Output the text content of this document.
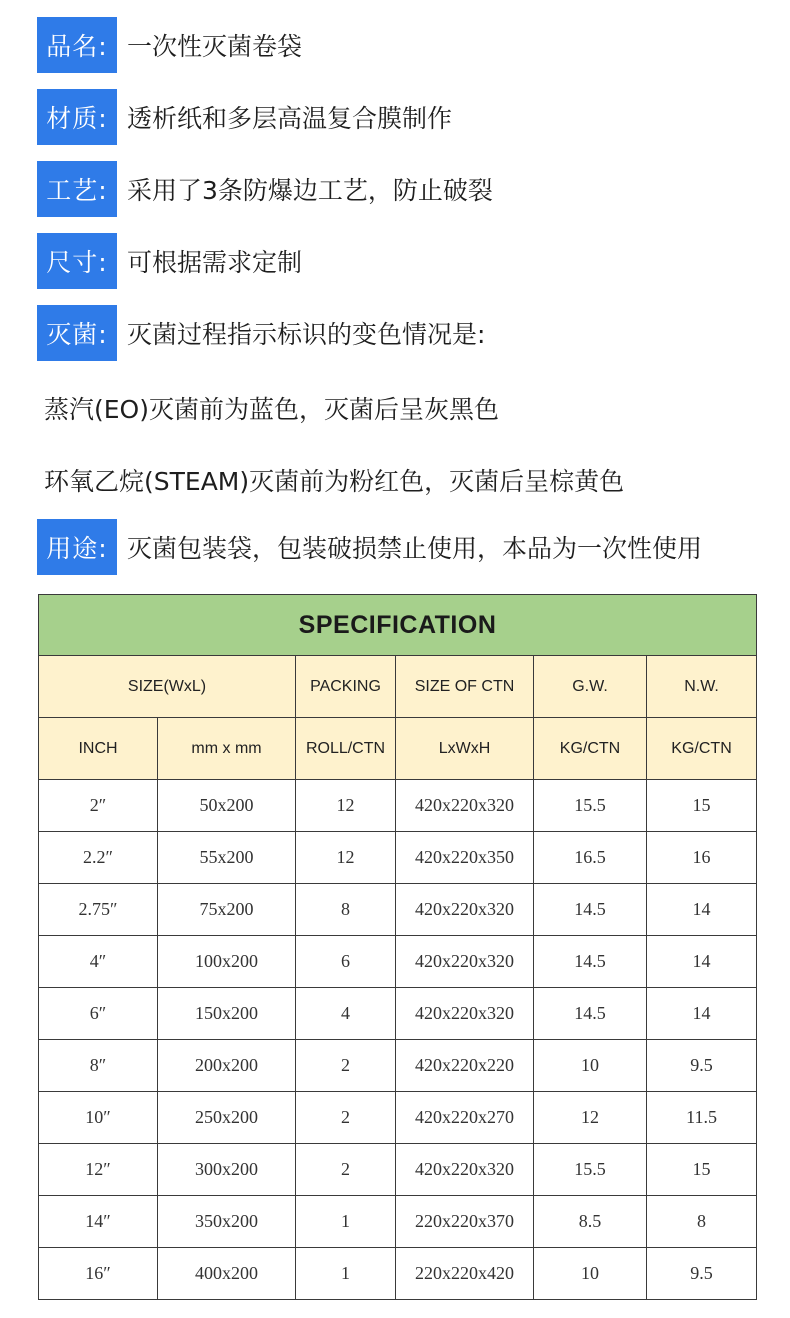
品名: 一次性灭菌卷袋
材质: 透析纸和多层高温复合膜制作
工艺: 采用了3条防爆边工艺，防止破裂
尺寸: 可根据需求定制
灭菌: 灭菌过程指示标识的变色情况是:
蒸汽(EO)灭菌前为蓝色，灭菌后呈灰黑色
环氧乙烷(STEAM)灭菌前为粉红色，灭菌后呈棕黄色
用途: 灭菌包装袋，包装破损禁止使用，本品为一次性使用
SPECIFICATION					
SIZE(WxL)		PACKING	SIZE OF CTN	G.W.	N.W.
INCH	mm x mm	ROLL/CTN	LxWxH	KG/CTN	KG/CTN
2″	50x200	12	420x220x320	15.5	15
2.2″	55x200	12	420x220x350	16.5	16
2.75″	75x200	8	420x220x320	14.5	14
4″	100x200	6	420x220x320	14.5	14
6″	150x200	4	420x220x320	14.5	14
8″	200x200	2	420x220x220	10	9.5
10″	250x200	2	420x220x270	12	11.5
12″	300x200	2	420x220x320	15.5	15
14″	350x200	1	220x220x370	8.5	8
16″	400x200	1	220x220x420	10	9.5
